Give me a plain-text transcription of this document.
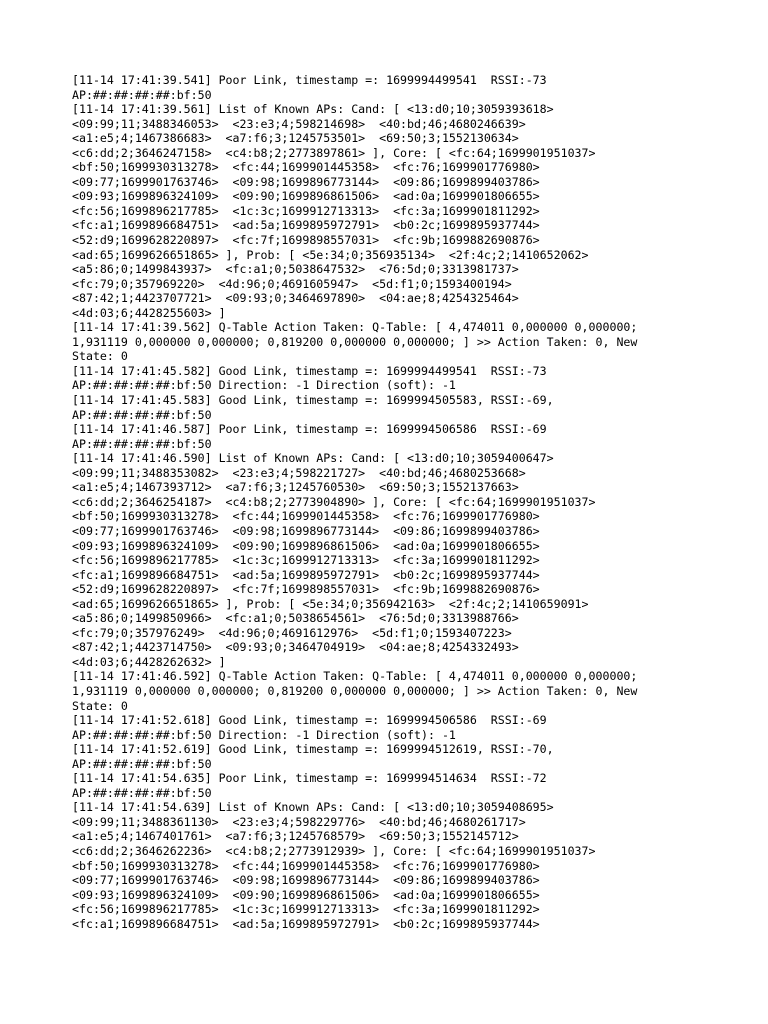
[11-14 17:41:39.541] Poor Link, timestamp =: 1699994499541  RSSI:-73
AP:##:##:##:##:bf:50
[11-14 17:41:39.561] List of Known APs: Cand: [ <13:d0;10;3059393618>
<09:99;11;3488346053>  <23:e3;4;598214698>  <40:bd;46;4680246639>
<a1:e5;4;1467386683>  <a7:f6;3;1245753501>  <69:50;3;1552130634>
<c6:dd;2;3646247158>  <c4:b8;2;2773897861> ], Core: [ <fc:64;1699901951037>
<bf:50;1699930313278>  <fc:44;1699901445358>  <fc:76;1699901776980>
<09:77;1699901763746>  <09:98;1699896773144>  <09:86;1699899403786>
<09:93;1699896324109>  <09:90;1699896861506>  <ad:0a;1699901806655>
<fc:56;1699896217785>  <1c:3c;1699912713313>  <fc:3a;1699901811292>
<fc:a1;1699896684751>  <ad:5a;1699895972791>  <b0:2c;1699895937744>
<52:d9;1699628220897>  <fc:7f;1699898557031>  <fc:9b;1699882690876>
<ad:65;1699626651865> ], Prob: [ <5e:34;0;356935134>  <2f:4c;2;1410652062>
<a5:86;0;1499843937>  <fc:a1;0;5038647532>  <76:5d;0;3313981737>
<fc:79;0;357969220>  <4d:96;0;4691605947>  <5d:f1;0;1593400194>
<87:42;1;4423707721>  <09:93;0;3464697890>  <04:ae;8;4254325464>
<4d:03;6;4428255603> ]
[11-14 17:41:39.562] Q-Table Action Taken: Q-Table: [ 4,474011 0,000000 0,000000;
1,931119 0,000000 0,000000; 0,819200 0,000000 0,000000; ] >> Action Taken: 0, New
State: 0
[11-14 17:41:45.582] Good Link, timestamp =: 1699994499541  RSSI:-73
AP:##:##:##:##:bf:50 Direction: -1 Direction (soft): -1
[11-14 17:41:45.583] Good Link, timestamp =: 1699994505583, RSSI:-69,
AP:##:##:##:##:bf:50
[11-14 17:41:46.587] Poor Link, timestamp =: 1699994506586  RSSI:-69
AP:##:##:##:##:bf:50
[11-14 17:41:46.590] List of Known APs: Cand: [ <13:d0;10;3059400647>
<09:99;11;3488353082>  <23:e3;4;598221727>  <40:bd;46;4680253668>
<a1:e5;4;1467393712>  <a7:f6;3;1245760530>  <69:50;3;1552137663>
<c6:dd;2;3646254187>  <c4:b8;2;2773904890> ], Core: [ <fc:64;1699901951037>
<bf:50;1699930313278>  <fc:44;1699901445358>  <fc:76;1699901776980>
<09:77;1699901763746>  <09:98;1699896773144>  <09:86;1699899403786>
<09:93;1699896324109>  <09:90;1699896861506>  <ad:0a;1699901806655>
<fc:56;1699896217785>  <1c:3c;1699912713313>  <fc:3a;1699901811292>
<fc:a1;1699896684751>  <ad:5a;1699895972791>  <b0:2c;1699895937744>
<52:d9;1699628220897>  <fc:7f;1699898557031>  <fc:9b;1699882690876>
<ad:65;1699626651865> ], Prob: [ <5e:34;0;356942163>  <2f:4c;2;1410659091>
<a5:86;0;1499850966>  <fc:a1;0;5038654561>  <76:5d;0;3313988766>
<fc:79;0;357976249>  <4d:96;0;4691612976>  <5d:f1;0;1593407223>
<87:42;1;4423714750>  <09:93;0;3464704919>  <04:ae;8;4254332493>
<4d:03;6;4428262632> ]
[11-14 17:41:46.592] Q-Table Action Taken: Q-Table: [ 4,474011 0,000000 0,000000;
1,931119 0,000000 0,000000; 0,819200 0,000000 0,000000; ] >> Action Taken: 0, New
State: 0
[11-14 17:41:52.618] Good Link, timestamp =: 1699994506586  RSSI:-69
AP:##:##:##:##:bf:50 Direction: -1 Direction (soft): -1
[11-14 17:41:52.619] Good Link, timestamp =: 1699994512619, RSSI:-70,
AP:##:##:##:##:bf:50
[11-14 17:41:54.635] Poor Link, timestamp =: 1699994514634  RSSI:-72
AP:##:##:##:##:bf:50
[11-14 17:41:54.639] List of Known APs: Cand: [ <13:d0;10;3059408695>
<09:99;11;3488361130>  <23:e3;4;598229776>  <40:bd;46;4680261717>
<a1:e5;4;1467401761>  <a7:f6;3;1245768579>  <69:50;3;1552145712>
<c6:dd;2;3646262236>  <c4:b8;2;2773912939> ], Core: [ <fc:64;1699901951037>
<bf:50;1699930313278>  <fc:44;1699901445358>  <fc:76;1699901776980>
<09:77;1699901763746>  <09:98;1699896773144>  <09:86;1699899403786>
<09:93;1699896324109>  <09:90;1699896861506>  <ad:0a;1699901806655>
<fc:56;1699896217785>  <1c:3c;1699912713313>  <fc:3a;1699901811292>
<fc:a1;1699896684751>  <ad:5a;1699895972791>  <b0:2c;1699895937744>
